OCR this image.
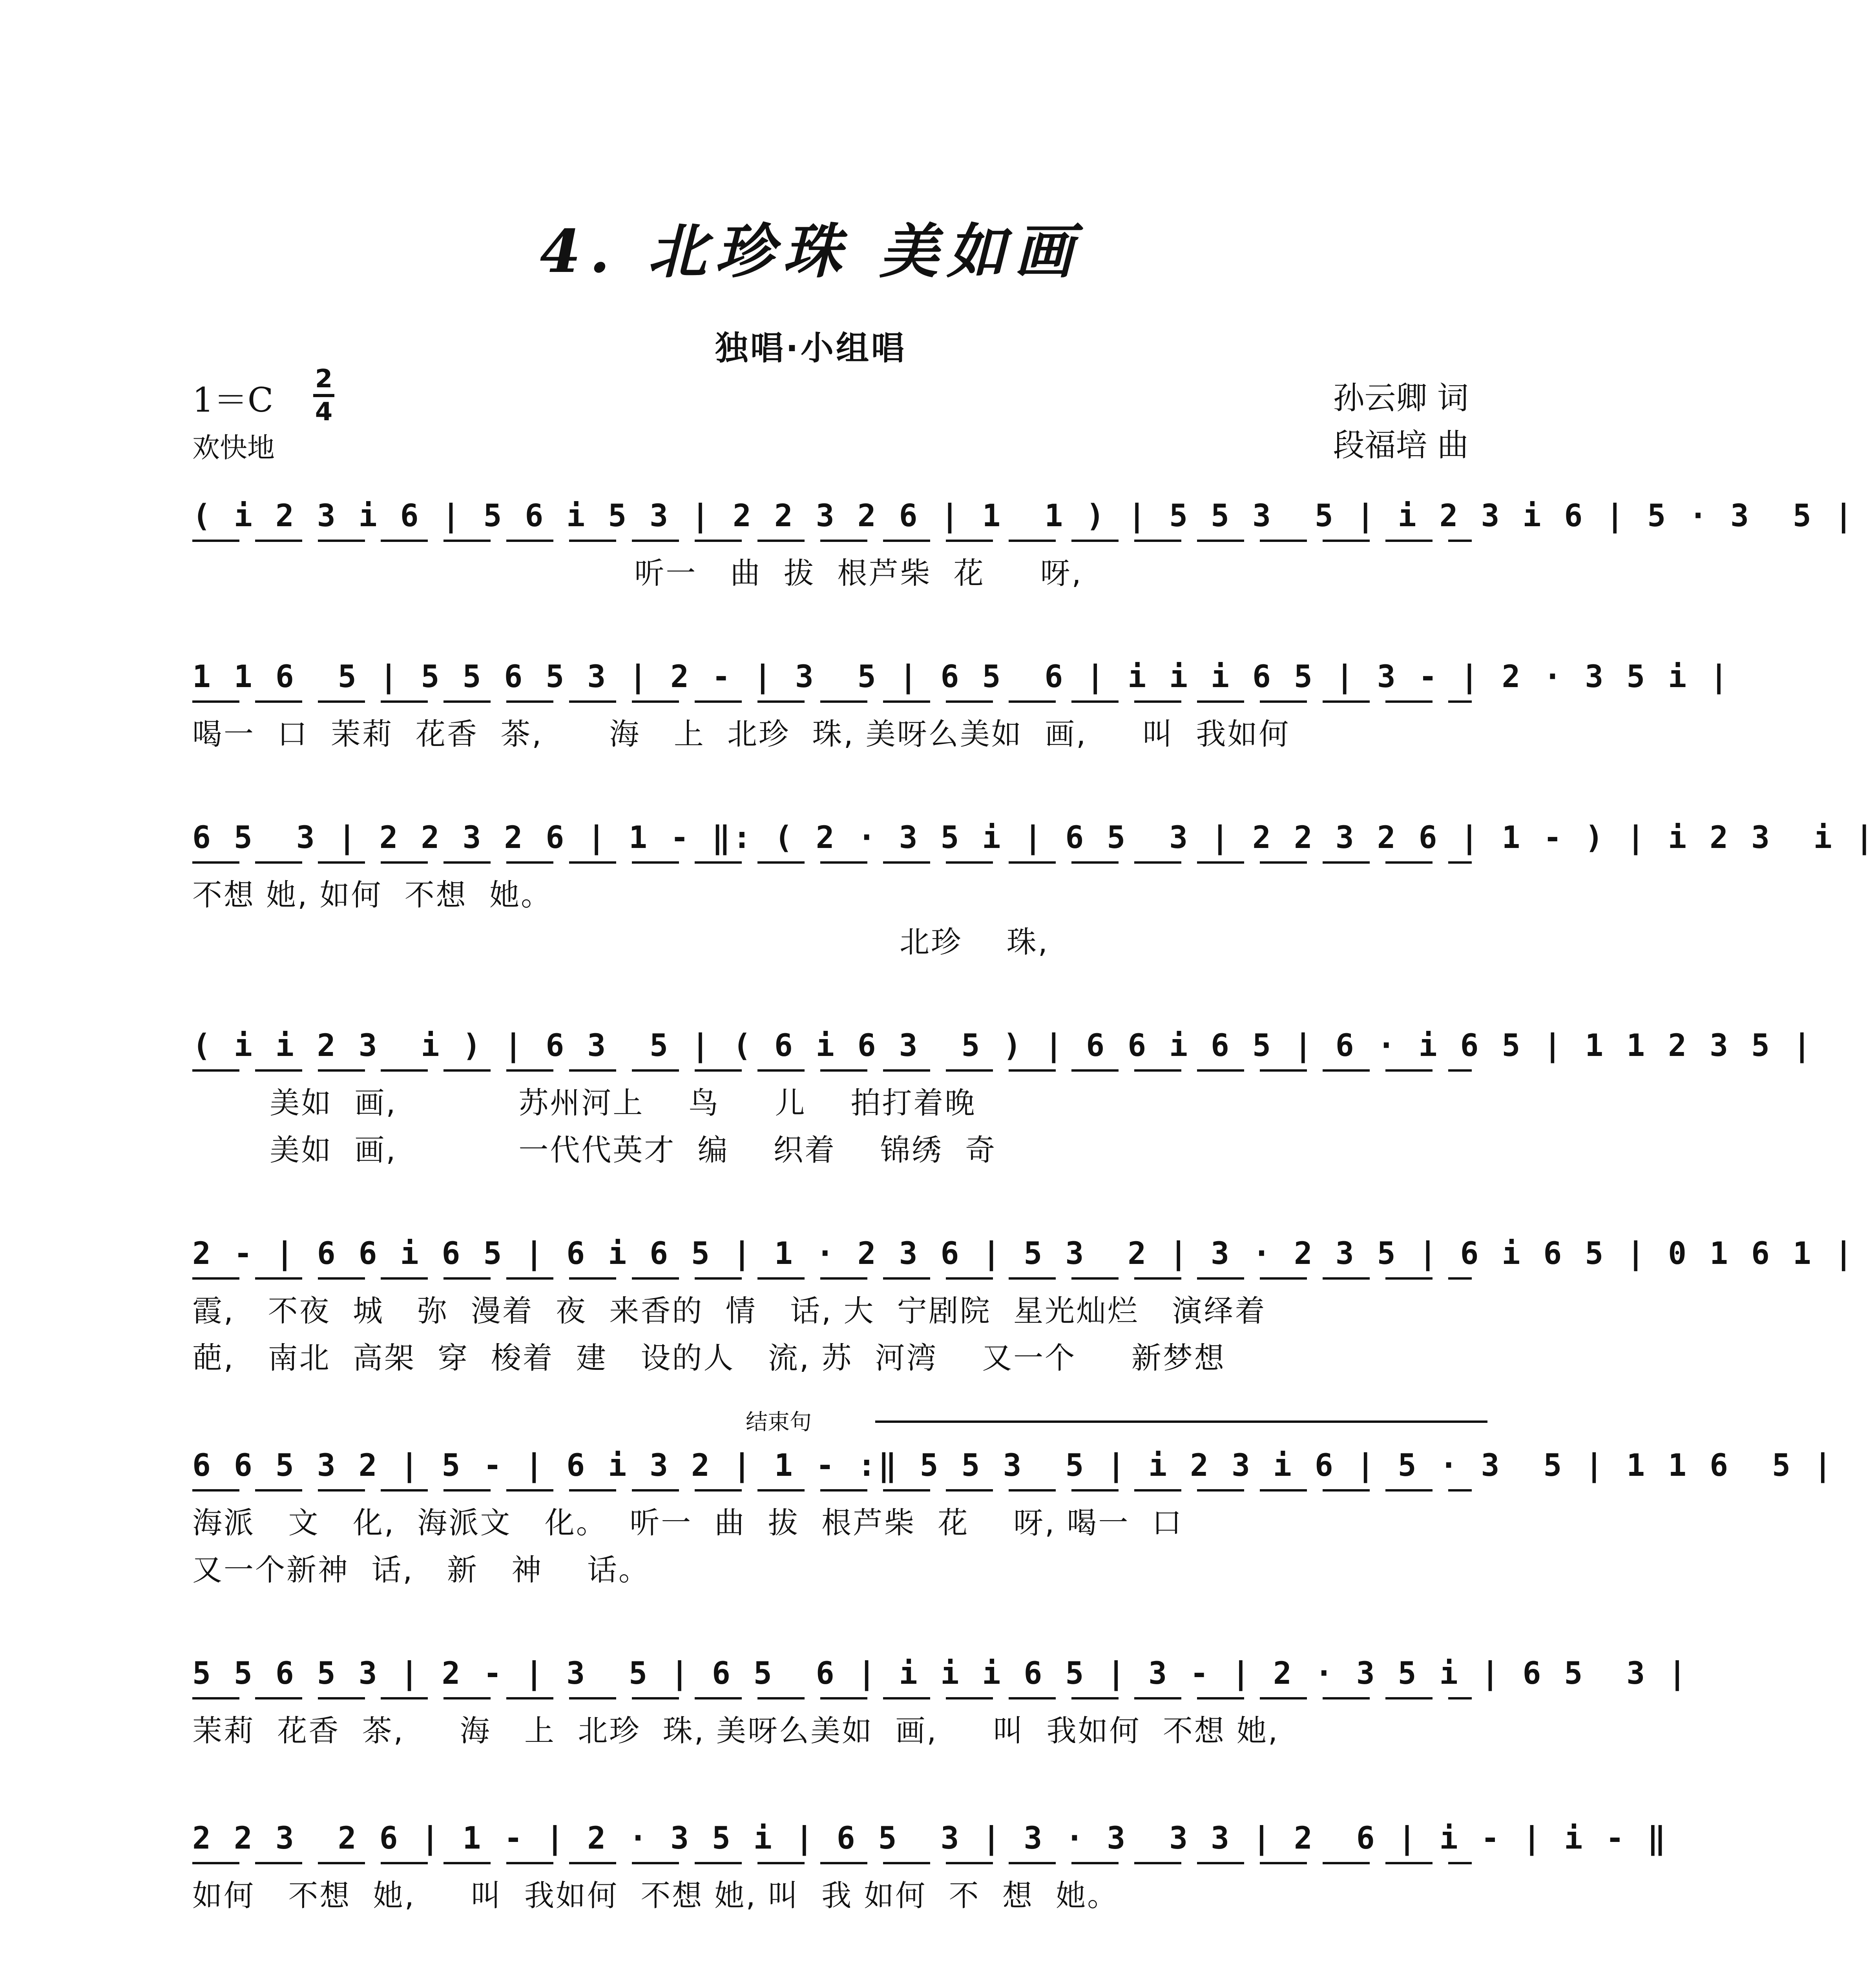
4. 北珍珠 美如画
独唱·小组唱
1＝C
2
4
欢快地
孙云卿 词
段福培 曲
( i 2 3 i 6 | 5 6 i 5 3 | 2 2 3 2 6 | 1  1 ) | 5 5 3  5 | i 2 3 i 6 | 5 · 3  5 |
听一   曲  拔  根芦柴  花     呀,
1 1 6  5 | 5 5 6 5 3 | 2 - | 3  5 | 6 5  6 | i i i 6 5 | 3 - | 2 · 3 5 i |
喝一  口  茉莉  花香  茶,      海   上  北珍  珠, 美呀么美如  画,     叫  我如何
6 5  3 | 2 2 3 2 6 | 1 - ‖: ( 2 · 3 5 i | 6 5  3 | 2 2 3 2 6 | 1 - ) | i 2 3  i |
不想 她, 如何  不想  她。
北珍    珠,
( i i 2 3  i ) | 6 3  5 | ( 6 i 6 3  5 ) | 6 6 i 6 5 | 6 · i 6 5 | 1 1 2 3 5 |
美如  画,           苏州河上    鸟     儿    拍打着晚
美如  画,           一代代英才  编    织着    锦绣  奇
2 - | 6 6 i 6 5 | 6 i 6 5 | 1 · 2 3 6 | 5 3  2 | 3 · 2 3 5 | 6 i 6 5 | 0 1 6 1 |
霞,   不夜  城   弥  漫着  夜  来香的  情   话, 大  宁剧院  星光灿烂   演绎着
葩,   南北  高架  穿  梭着  建   设的人   流, 苏  河湾    又一个     新梦想
结束句
6 6 5 3 2 | 5 - | 6 i 3 2 | 1 - :‖ 5 5 3  5 | i 2 3 i 6 | 5 · 3  5 | 1 1 6  5 |
海派   文   化,  海派文   化。  听一  曲  拔  根芦柴  花    呀, 喝一  口
又一个新神  话,   新   神    话。
5 5 6 5 3 | 2 - | 3  5 | 6 5  6 | i i i 6 5 | 3 - | 2 · 3 5 i | 6 5  3 |
茉莉  花香  茶,     海   上  北珍  珠, 美呀么美如  画,     叫  我如何  不想 她,
2 2 3  2 6 | 1 - | 2 · 3 5 i | 6 5  3 | 3 · 3  3 3 | 2  6 | i - | i - ‖
如何   不想  她,     叫  我如何  不想 她, 叫  我 如何  不  想  她。
